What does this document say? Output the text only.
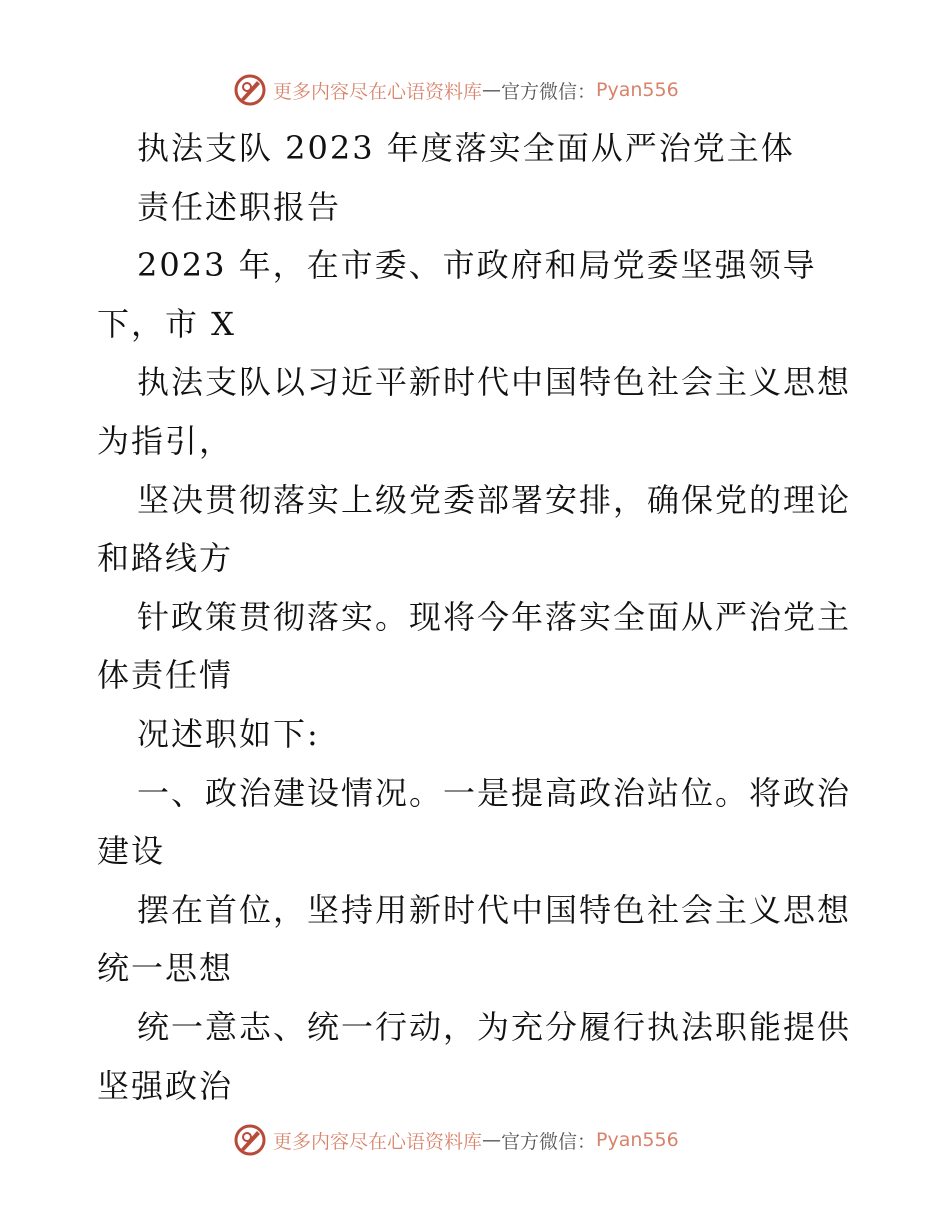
更多内容尽在心语资料库 — 官方微信： Pyan556
执法支队 2023 年度落实全面从严治党主体
责任述职报告
2023 年，在市委、市政府和局党委坚强领导
下，市 X
执法支队以习近平新时代中国特色社会主义思想
为指引，
坚决贯彻落实上级党委部署安排，确保党的理论
和路线方
针政策贯彻落实。现将今年落实全面从严治党主
体责任情
况述职如下:
一、政治建设情况。一是提高政治站位。将政治
建设
摆在首位，坚持用新时代中国特色社会主义思想
统一思想
统一意志、统一行动，为充分履行执法职能提供
坚强政治
更多内容尽在心语资料库 — 官方微信： Pyan556
